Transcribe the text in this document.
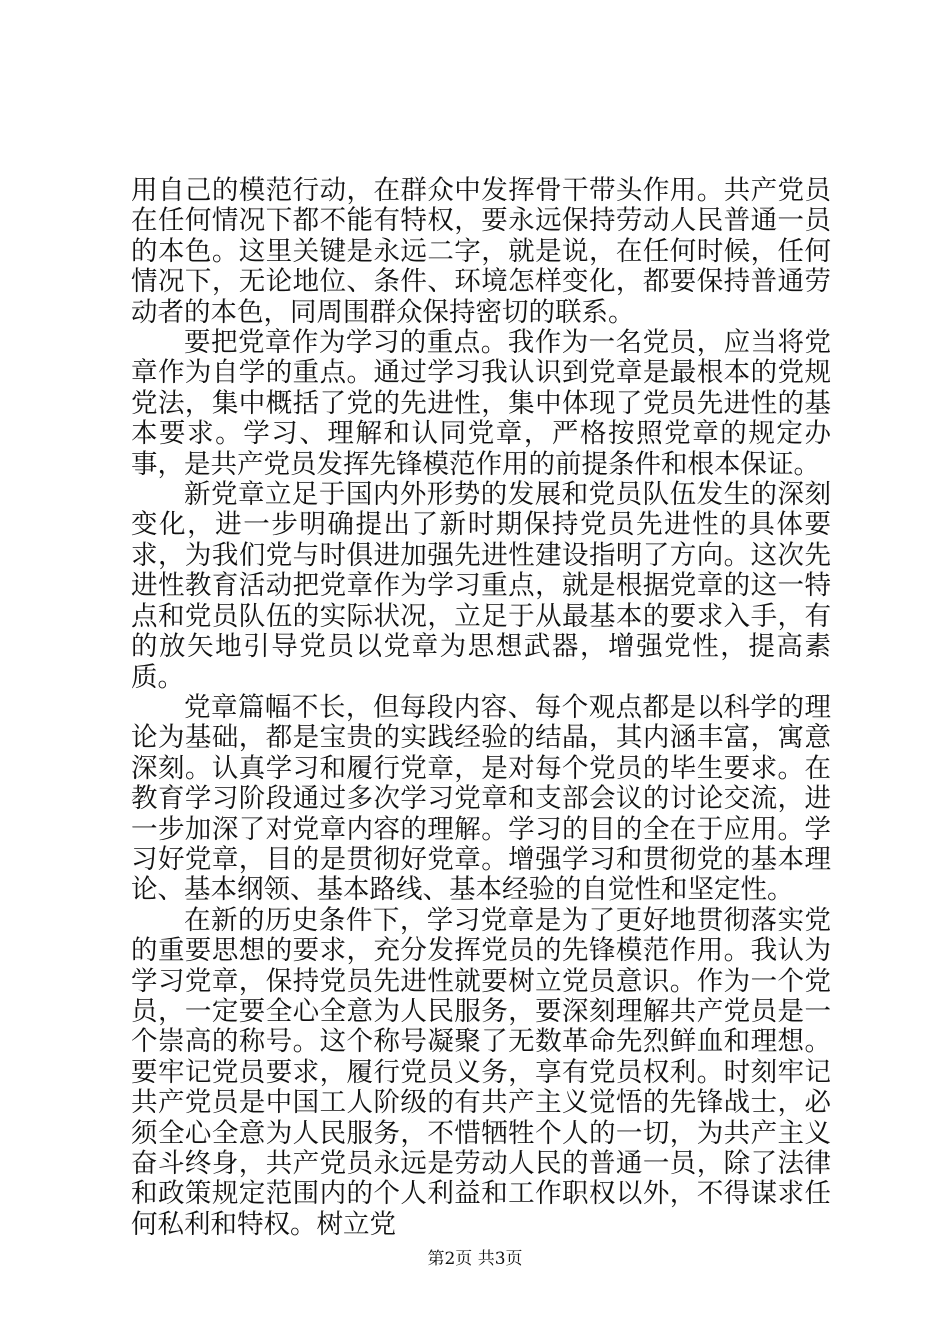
用自己的模范行动，在群众中发挥骨干带头作用。共产党员在任何情况下都不能有特权，要永远保持劳动人民普通一员的本色。这里关键是永远二字，就是说，在任何时候，任何情况下，无论地位、条件、环境怎样变化，都要保持普通劳动者的本色，同周围群众保持密切的联系。

要把党章作为学习的重点。我作为一名党员，应当将党章作为自学的重点。通过学习我认识到党章是最根本的党规党法，集中概括了党的先进性，集中体现了党员先进性的基本要求。学习、理解和认同党章，严格按照党章的规定办事，是共产党员发挥先锋模范作用的前提条件和根本保证。

新党章立足于国内外形势的发展和党员队伍发生的深刻变化，进一步明确提出了新时期保持党员先进性的具体要求，为我们党与时俱进加强先进性建设指明了方向。这次先进性教育活动把党章作为学习重点，就是根据党章的这一特点和党员队伍的实际状况，立足于从最基本的要求入手，有的放矢地引导党员以党章为思想武器，增强党性，提高素质。

党章篇幅不长，但每段内容、每个观点都是以科学的理论为基础，都是宝贵的实践经验的结晶，其内涵丰富，寓意深刻。认真学习和履行党章，是对每个党员的毕生要求。在教育学习阶段通过多次学习党章和支部会议的讨论交流，进一步加深了对党章内容的理解。学习的目的全在于应用。学习好党章，目的是贯彻好党章。增强学习和贯彻党的基本理论、基本纲领、基本路线、基本经验的自觉性和坚定性。

在新的历史条件下，学习党章是为了更好地贯彻落实党的重要思想的要求，充分发挥党员的先锋模范作用。我认为学习党章，保持党员先进性就要树立党员意识。作为一个党员，一定要全心全意为人民服务，要深刻理解共产党员是一个崇高的称号。这个称号凝聚了无数革命先烈鲜血和理想。要牢记党员要求，履行党员义务，享有党员权利。时刻牢记共产党员是中国工人阶级的有共产主义觉悟的先锋战士，必须全心全意为人民服务，不惜牺牲个人的一切，为共产主义奋斗终身，共产党员永远是劳动人民的普通一员，除了法律和政策规定范围内的个人利益和工作职权以外，不得谋求任何私利和特权。树立党

第2页 共3页
